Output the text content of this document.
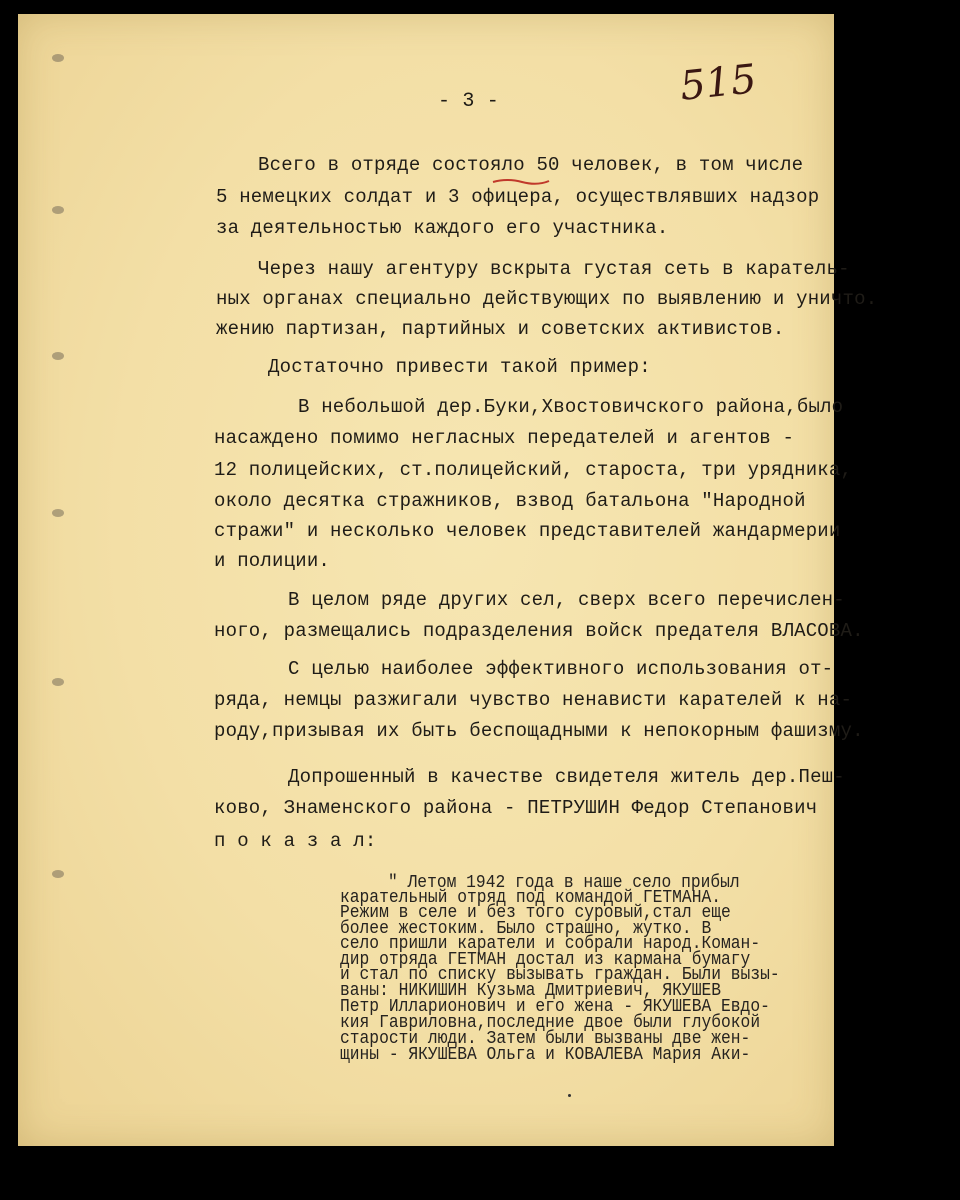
- 3 -	515
Всего в отряде состояло 50 человек, в том числе
5 немецких солдат и 3 офицера, осуществлявших надзор
за деятельностью каждого его участника.
Через нашу агентуру вскрыта густая сеть в каратель-
ных органах специально действующих по выявлению и уничто.
жению партизан, партийных и советских активистов.
Достаточно привести такой пример:
В небольшой дер.Буки,Хвостовичского района,было
насаждено помимо негласных передателей и агентов -
12 полицейских, ст.полицейский, староста, три урядника,
около десятка стражников, взвод батальона "Народной
стражи" и несколько человек представителей жандармерии
и полиции.
В целом ряде других сел, сверх всего перечислен-
ного, размещались подразделения войск предателя ВЛАСОВА.
С целью наиболее эффективного использования от-
ряда, немцы разжигали чувство ненависти карателей к на-
роду,призывая их быть беспощадными к непокорным фашизму.
Допрошенный в качестве свидетеля житель дер.Пеш-
ково, Знаменского района - ПЕТРУШИН Федор Степанович
п о к а з а л:
" Летом 1942 года в наше село прибыл
карательный отряд под командой ГЕТМАНА.
Режим в селе и без того суровый,стал еще
более жестоким. Было страшно, жутко. В
село пришли каратели и собрали народ.Коман-
дир отряда ГЕТМАН достал из кармана бумагу
и стал по списку вызывать граждан. Были вызы-
ваны: НИКИШИН Кузьма Дмитриевич, ЯКУШЕВ
Петр Илларионович и его жена - ЯКУШЕВА Евдо-
кия Гавриловна,последние двое были глубокой
старости люди. Затем были вызваны две жен-
щины - ЯКУШЕВА Ольга и КОВАЛЕВА Мария Аки-
